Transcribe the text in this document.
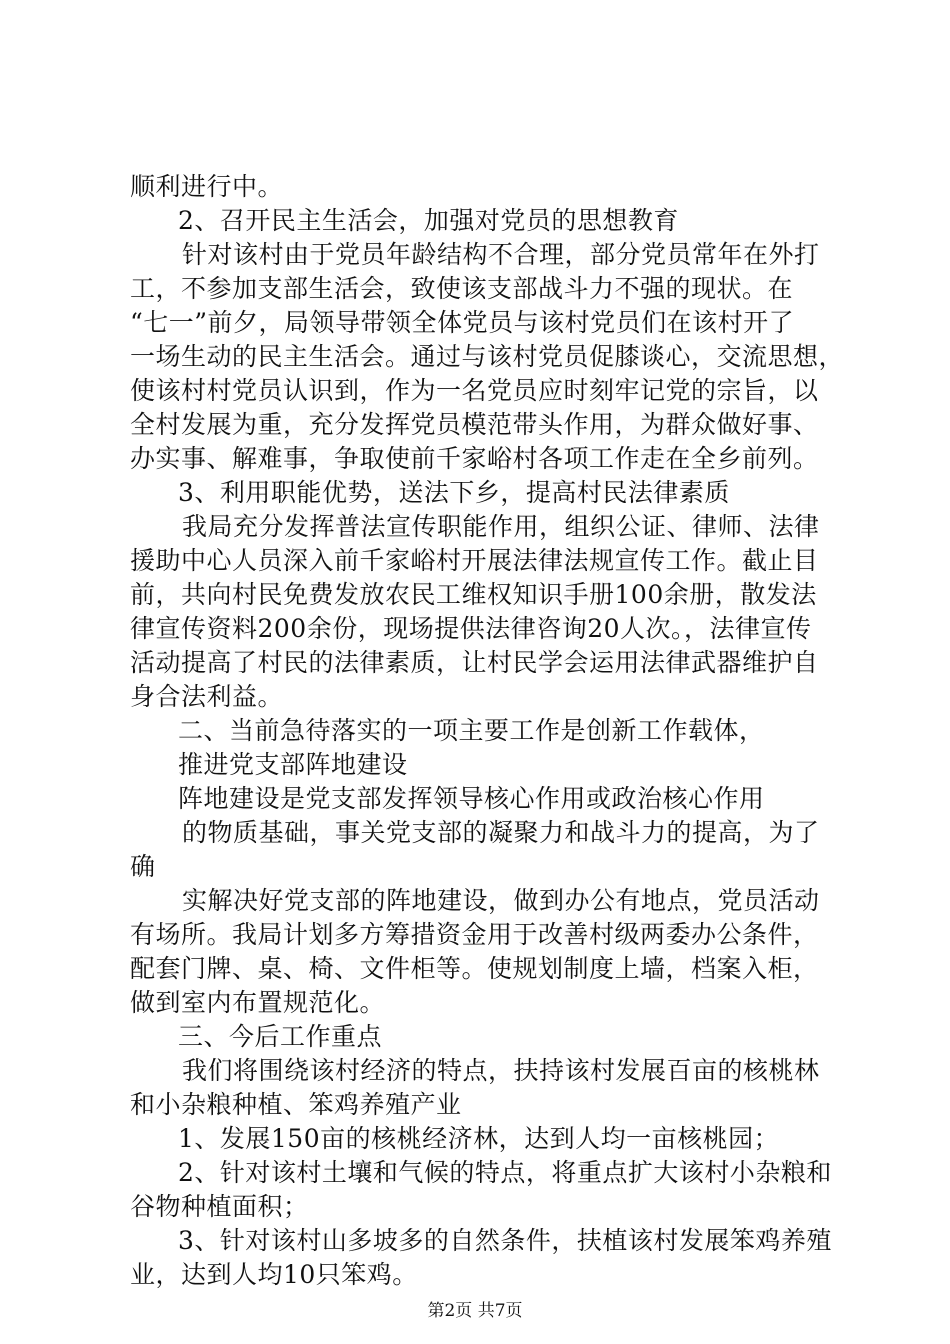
顺利进行中。
2、召开民主生活会，加强对党员的思想教育
针对该村由于党员年龄结构不合理，部分党员常年在外打
工，不参加支部生活会，致使该支部战斗力不强的现状。在
“七一”前夕，局领导带领全体党员与该村党员们在该村开了
一场生动的民主生活会。通过与该村党员促膝谈心，交流思想，
使该村村党员认识到，作为一名党员应时刻牢记党的宗旨，以
全村发展为重，充分发挥党员模范带头作用，为群众做好事、
办实事、解难事，争取使前千家峪村各项工作走在全乡前列。
3、利用职能优势，送法下乡，提高村民法律素质
我局充分发挥普法宣传职能作用，组织公证、律师、法律
援助中心人员深入前千家峪村开展法律法规宣传工作。截止目
前，共向村民免费发放农民工维权知识手册100余册，散发法
律宣传资料200余份，现场提供法律咨询20人次。，法律宣传
活动提高了村民的法律素质，让村民学会运用法律武器维护自
身合法利益。
二、当前急待落实的一项主要工作是创新工作载体，
推进党支部阵地建设
阵地建设是党支部发挥领导核心作用或政治核心作用
的物质基础，事关党支部的凝聚力和战斗力的提高，为了
确
实解决好党支部的阵地建设，做到办公有地点，党员活动
有场所。我局计划多方筹措资金用于改善村级两委办公条件，
配套门牌、桌、椅、文件柜等。使规划制度上墙，档案入柜，
做到室内布置规范化。
三、今后工作重点
我们将围绕该村经济的特点，扶持该村发展百亩的核桃林
和小杂粮种植、笨鸡养殖产业
1、发展150亩的核桃经济林，达到人均一亩核桃园；
2、针对该村土壤和气候的特点，将重点扩大该村小杂粮和
谷物种植面积；
3、针对该村山多坡多的自然条件，扶植该村发展笨鸡养殖
业，达到人均10只笨鸡。
第2页 共7页
